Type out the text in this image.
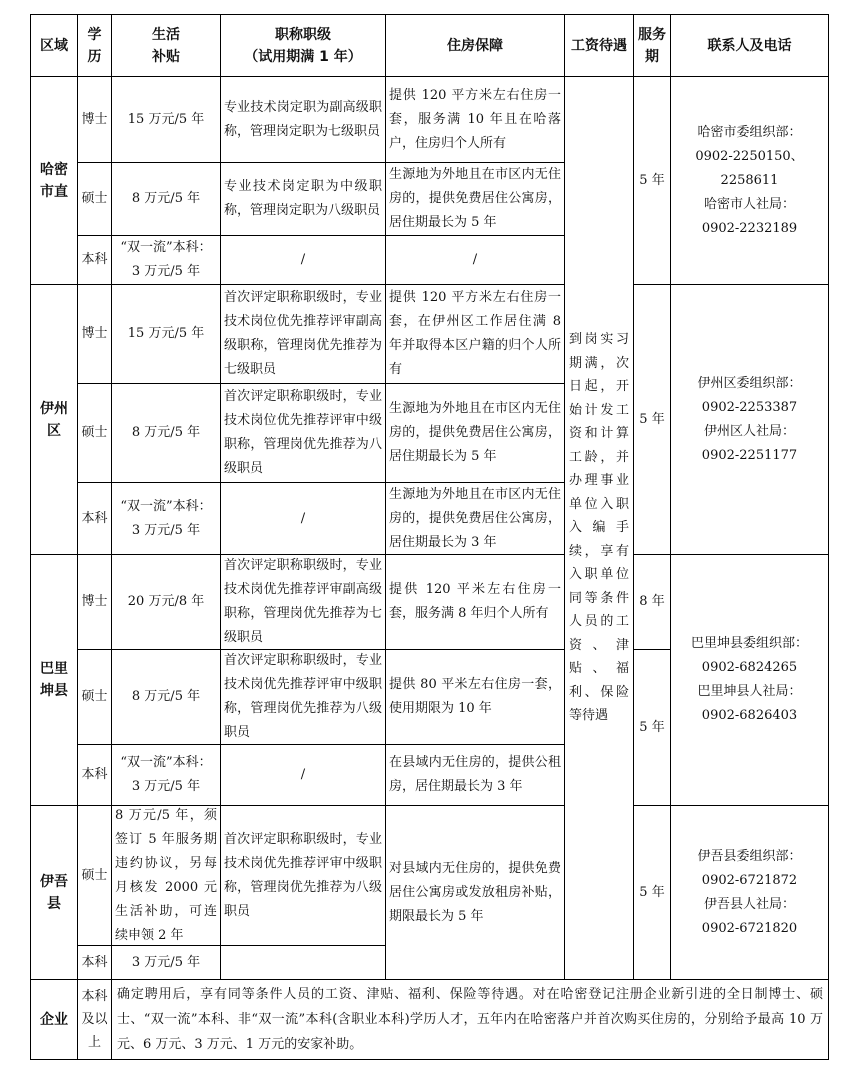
区域
学历
生活
补贴
职称职级
（试用期满 1 年）
住房保障	工资待遇
服务
期
联系人及电话
到岗实习期满，次日起，开始计发工资和计算工龄，并办理事业单位入职入编手续，享有入职单位同等条件人员的工资、津贴、福利、保险等待遇
哈密
市直
5 年
哈密市委组织部：
0902-2250150、2258611
哈密市人社局：
0902-2232189
博士 15 万元/5 年
专业技术岗定职为副高级职称，管理岗定职为七级职员
提供 120 平方米左右住房一套，服务满 10 年且在哈落户，住房归个人所有
硕士 8 万元/5 年
专业技术岗定职为中级职称，管理岗定职为八级职员
生源地为外地且在市区内无住房的，提供免费居住公寓房，居住期最长为 5 年
本科
“双一流”本科：
3 万元/5 年
/	/
伊州
区
5 年
伊州区委组织部：
0902-2253387
伊州区人社局：
0902-2251177
博士 15 万元/5 年
首次评定职称职级时，专业技术岗位优先推荐评审副高级职称，管理岗优先推荐为七级职员
提供 120 平方米左右住房一套，在伊州区工作居住满 8 年并取得本区户籍的归个人所有
硕士 8 万元/5 年
首次评定职称职级时，专业技术岗位优先推荐评审中级职称，管理岗优先推荐为八级职员
生源地为外地且在市区内无住房的，提供免费居住公寓房，居住期最长为 5 年
本科
“双一流”本科：
3 万元/5 年
/
生源地为外地且在市区内无住房的，提供免费居住公寓房，居住期最长为 3 年
巴里
坤县
8 年
5 年
巴里坤县委组织部：
0902-6824265
巴里坤县人社局：
0902-6826403
博士 20 万元/8 年
首次评定职称职级时，专业技术岗优先推荐评审副高级职称，管理岗优先推荐为七级职员
提供 120 平米左右住房一套，服务满 8 年归个人所有
硕士 8 万元/5 年
首次评定职称职级时，专业技术岗优先推荐评审中级职称，管理岗优先推荐为八级职员
提供 80 平米左右住房一套，使用期限为 10 年
本科
“双一流”本科：
3 万元/5 年
/
在县域内无住房的，提供公租房，居住期最长为 3 年
伊吾
县
5 年
伊吾县委组织部：
0902-6721872
伊吾县人社局：
0902-6721820
硕士
8 万元/5 年，须签订 5 年服务期违约协议，另每月核发 2000 元生活补助，可连续申领 2 年
首次评定职称职级时，专业技术岗优先推荐评审中级职称，管理岗优先推荐为八级职员
对县域内无住房的，提供免费居住公寓房或发放租房补贴，期限最长为 5 年
本科 3 万元/5 年
企业
本科
及以
上
确定聘用后，享有同等条件人员的工资、津贴、福利、保险等待遇。对在哈密登记注册企业新引进的全日制博士、硕士、“双一流”本科、非“双一流”本科(含职业本科)学历人才，五年内在哈密落户并首次购买住房的，分别给予最高 10 万元、6 万元、3 万元、1 万元的安家补助。
